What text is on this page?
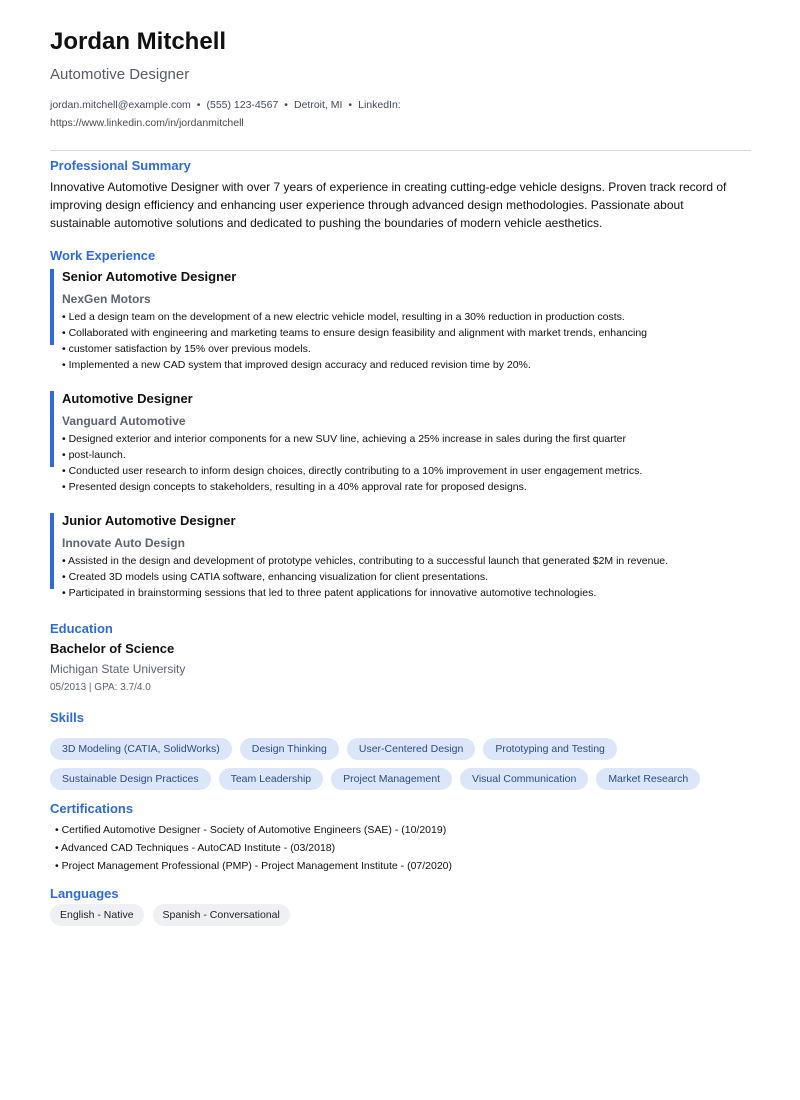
Jordan Mitchell
Automotive Designer
jordan.mitchell@example.com • (555) 123-4567 • Detroit, MI • LinkedIn:
https://www.linkedin.com/in/jordanmitchell
Professional Summary
Innovative Automotive Designer with over 7 years of experience in creating cutting-edge vehicle designs. Proven track record of improving design efficiency and enhancing user experience through advanced design methodologies. Passionate about sustainable automotive solutions and dedicated to pushing the boundaries of modern vehicle aesthetics.
Work Experience
Senior Automotive Designer
NexGen Motors
• Led a design team on the development of a new electric vehicle model, resulting in a 30% reduction in production costs.
• Collaborated with engineering and marketing teams to ensure design feasibility and alignment with market trends, enhancing
• customer satisfaction by 15% over previous models.
• Implemented a new CAD system that improved design accuracy and reduced revision time by 20%.
Automotive Designer
Vanguard Automotive
• Designed exterior and interior components for a new SUV line, achieving a 25% increase in sales during the first quarter
• post-launch.
• Conducted user research to inform design choices, directly contributing to a 10% improvement in user engagement metrics.
• Presented design concepts to stakeholders, resulting in a 40% approval rate for proposed designs.
Junior Automotive Designer
Innovate Auto Design
• Assisted in the design and development of prototype vehicles, contributing to a successful launch that generated $2M in revenue.
• Created 3D models using CATIA software, enhancing visualization for client presentations.
• Participated in brainstorming sessions that led to three patent applications for innovative automotive technologies.
Education
Bachelor of Science
Michigan State University
05/2013 | GPA: 3.7/4.0
Skills
3D Modeling (CATIA, SolidWorks)	Design Thinking	User-Centered Design	Prototyping and Testing
Sustainable Design Practices	Team Leadership	Project Management	Visual Communication	Market Research
Certifications
• Certified Automotive Designer - Society of Automotive Engineers (SAE) - (10/2019)
• Advanced CAD Techniques - AutoCAD Institute - (03/2018)
• Project Management Professional (PMP) - Project Management Institute - (07/2020)
Languages
English - Native	Spanish - Conversational
